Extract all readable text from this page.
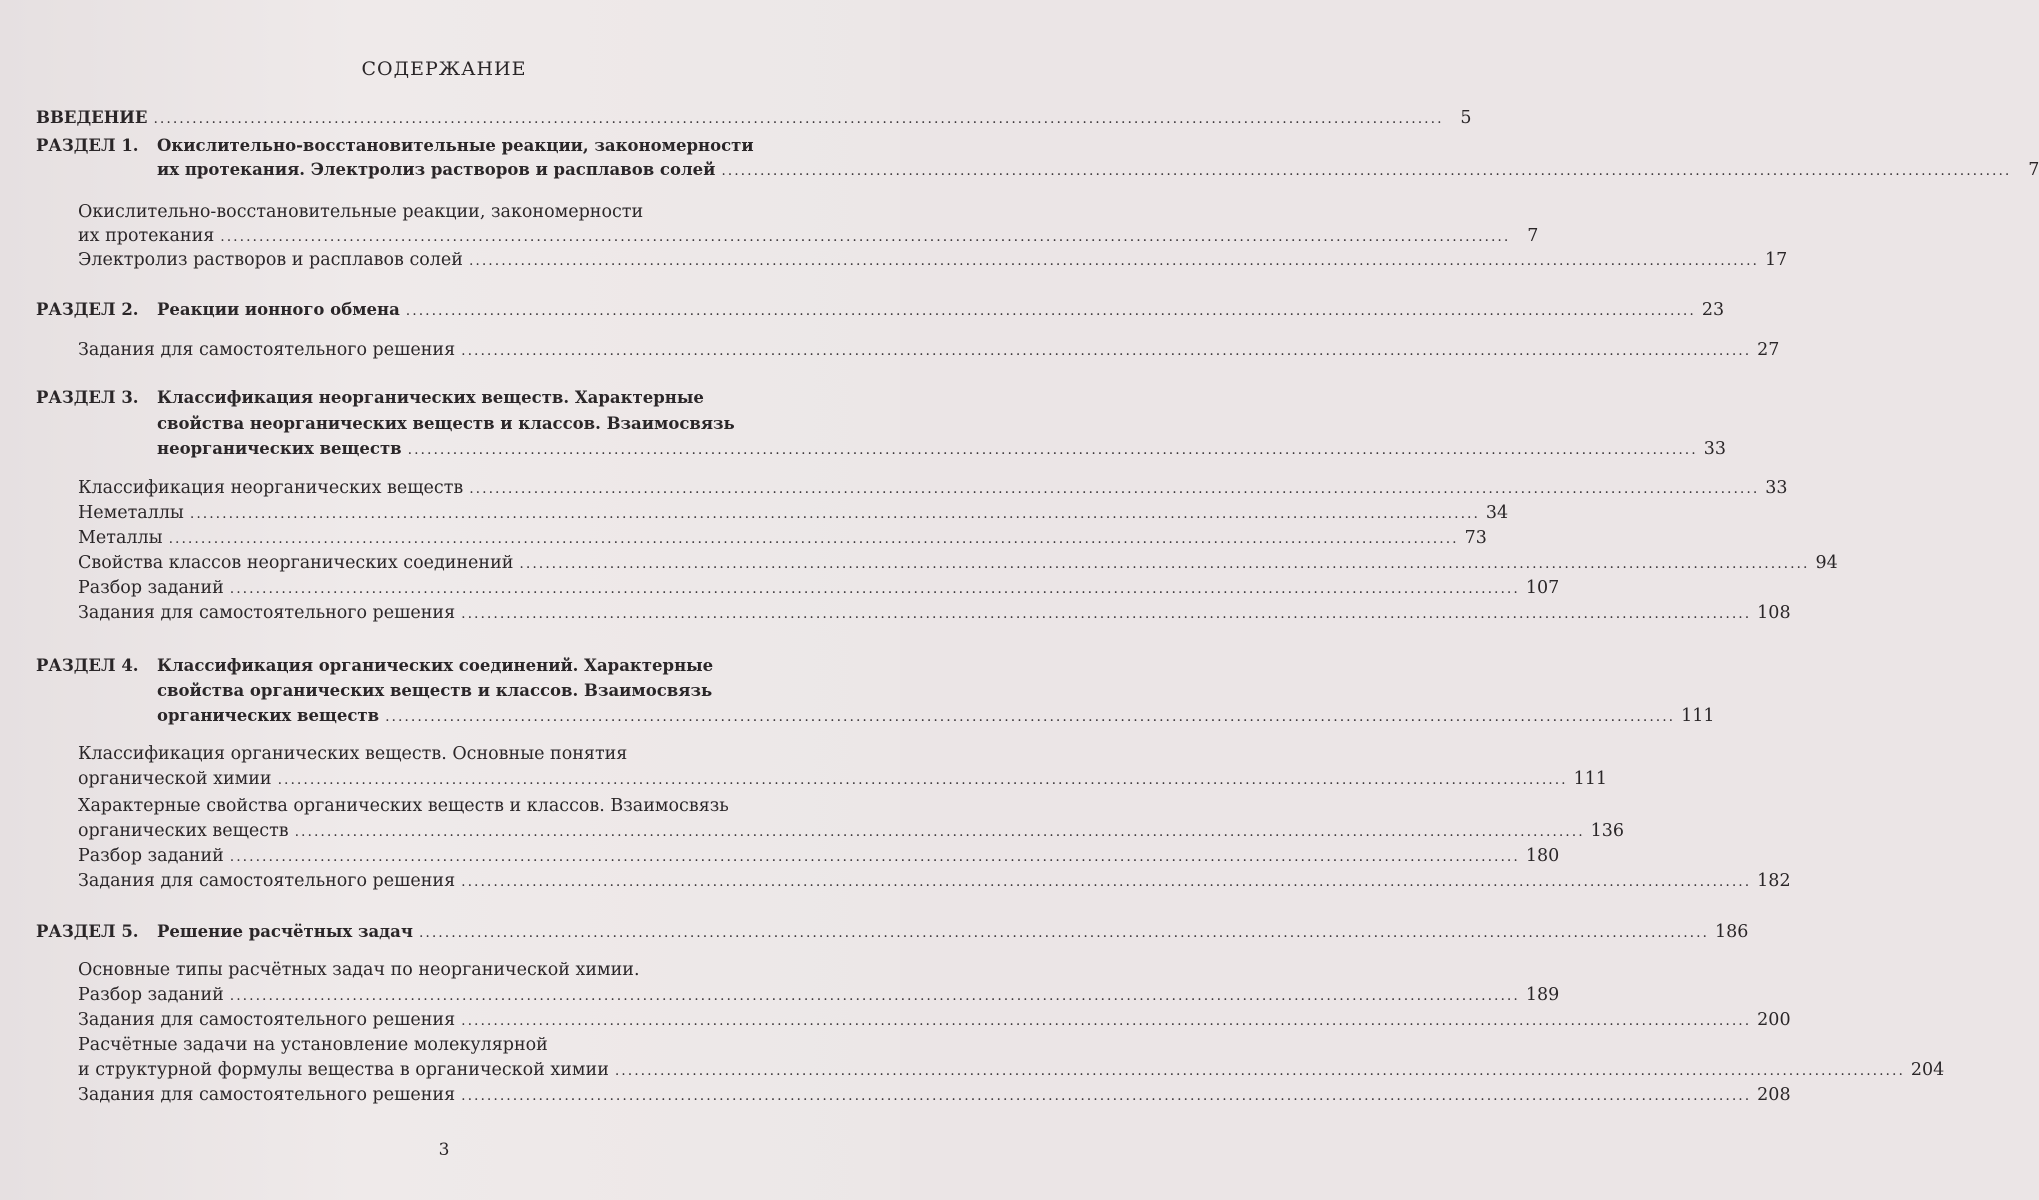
СОДЕРЖАНИЕ
ВВЕДЕНИЕ ........................................................................................................................................................................................................ 5
РАЗДЕЛ 1. Окислительно-восстановительные реакции, закономерности
их протекания. Электролиз растворов и расплавов солей ........................................................................................................................................................................................................ 7
Окислительно-восстановительные реакции, закономерности
их протекания ........................................................................................................................................................................................................ 7
Электролиз растворов и расплавов солей ........................................................................................................................................................................................................ 17
РАЗДЕЛ 2.	Реакции ионного обмена ........................................................................................................................................................................................................ 23
Задания для самостоятельного решения ........................................................................................................................................................................................................ 27
РАЗДЕЛ 3. Классификация неорганических веществ. Характерные
свойства неорганических веществ и классов. Взаимосвязь
неорганических веществ ........................................................................................................................................................................................................ 33
Классификация неорганических веществ ........................................................................................................................................................................................................ 33
Неметаллы ........................................................................................................................................................................................................ 34
Металлы ........................................................................................................................................................................................................ 73
Свойства классов неорганических соединений ........................................................................................................................................................................................................ 94
Разбор заданий ........................................................................................................................................................................................................ 107
Задания для самостоятельного решения ........................................................................................................................................................................................................ 108
РАЗДЕЛ 4. Классификация органических соединений. Характерные
свойства органических веществ и классов. Взаимосвязь
органических веществ ........................................................................................................................................................................................................ 111
Классификация органических веществ. Основные понятия
органической химии ........................................................................................................................................................................................................ 111
Характерные свойства органических веществ и классов. Взаимосвязь
органических веществ ........................................................................................................................................................................................................ 136
Разбор заданий ........................................................................................................................................................................................................ 180
Задания для самостоятельного решения ........................................................................................................................................................................................................ 182
РАЗДЕЛ 5.	Решение расчётных задач ........................................................................................................................................................................................................ 186
Основные типы расчётных задач по неорганической химии.
Разбор заданий ........................................................................................................................................................................................................ 189
Задания для самостоятельного решения ........................................................................................................................................................................................................ 200
Расчётные задачи на установление молекулярной
и структурной формулы вещества в органической химии ........................................................................................................................................................................................................ 204
Задания для самостоятельного решения ........................................................................................................................................................................................................ 208
3
